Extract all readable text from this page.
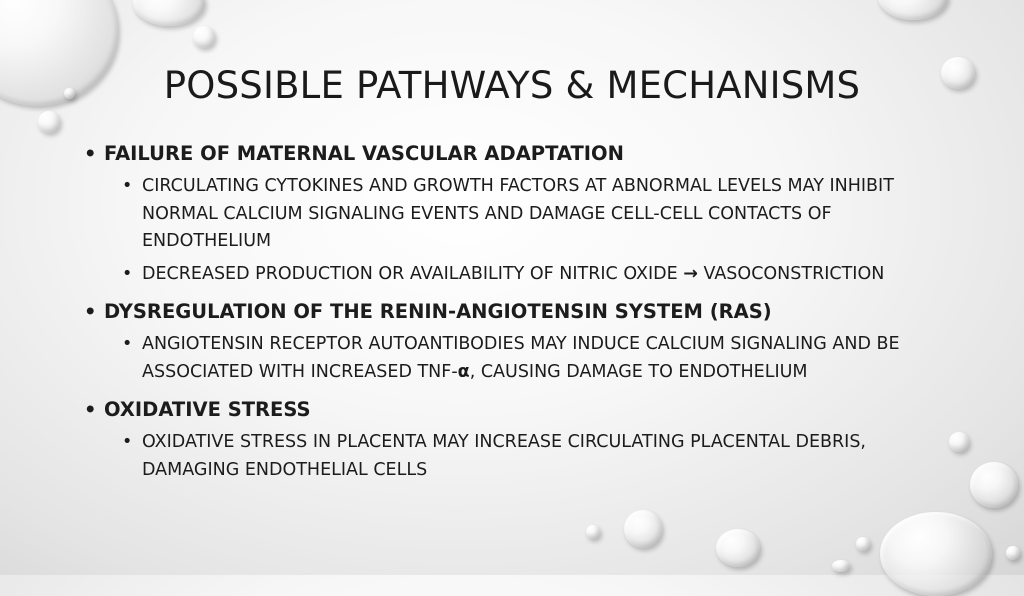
POSSIBLE PATHWAYS & MECHANISMS
• FAILURE OF MATERNAL VASCULAR ADAPTATION
• CIRCULATING CYTOKINES AND GROWTH FACTORS AT ABNORMAL LEVELS MAY INHIBIT NORMAL CALCIUM SIGNALING EVENTS AND DAMAGE CELL-CELL CONTACTS OF ENDOTHELIUM
• DECREASED PRODUCTION OR AVAILABILITY OF NITRIC OXIDE → VASOCONSTRICTION
• DYSREGULATION OF THE RENIN-ANGIOTENSIN SYSTEM (RAS)
• ANGIOTENSIN RECEPTOR AUTOANTIBODIES MAY INDUCE CALCIUM SIGNALING AND BE ASSOCIATED WITH INCREASED TNF-α, CAUSING DAMAGE TO ENDOTHELIUM
• OXIDATIVE STRESS
• OXIDATIVE STRESS IN PLACENTA MAY INCREASE CIRCULATING PLACENTAL DEBRIS, DAMAGING ENDOTHELIAL CELLS
